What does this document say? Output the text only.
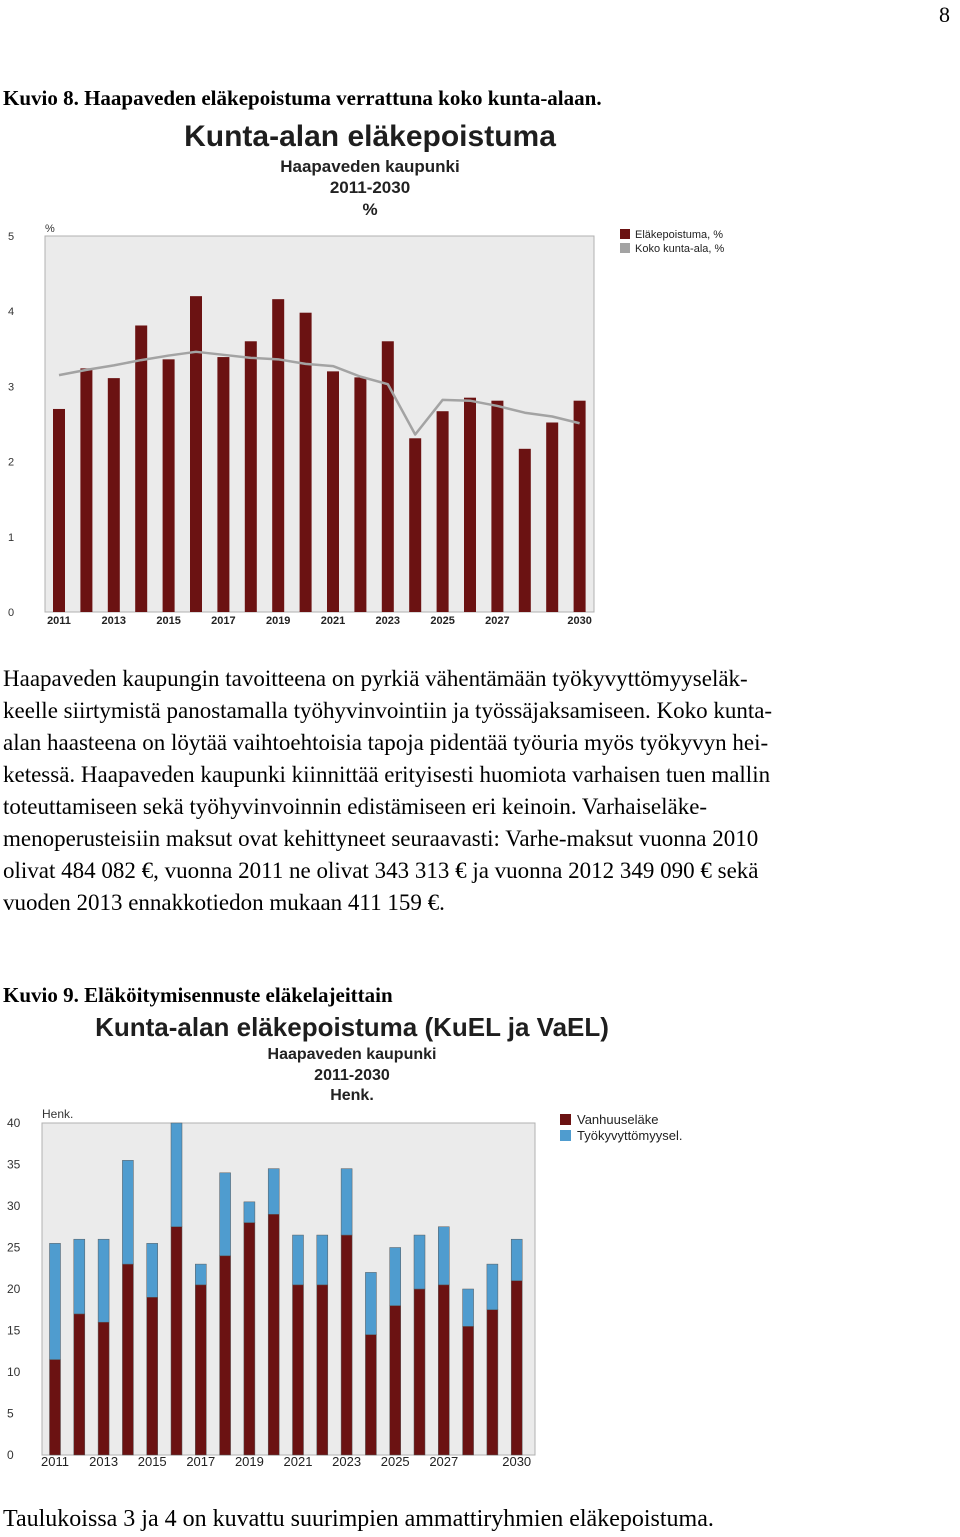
8
Kuvio 8. Haapaveden eläkepoistuma verrattuna koko kunta-alaan.
Kunta-alan eläkepoistuma
Haapaveden kaupunki
2011-2030
%
%
0
1
2
3
4
5
2011	2013	2015	2017	2019	2021	2023	2025	2027	2030
Eläkepoistuma, %
Koko kunta-ala, %
Haapaveden kaupungin tavoitteena on pyrkiä vähentämään työkyvyttömyyseläk-
keelle siirtymistä panostamalla työhyvinvointiin ja työssäjaksamiseen. Koko kunta-
alan haasteena on löytää vaihtoehtoisia tapoja pidentää työuria myös työkyvyn hei-
ketessä. Haapaveden kaupunki kiinnittää erityisesti huomiota varhaisen tuen mallin
toteuttamiseen sekä työhyvinvoinnin edistämiseen eri keinoin. Varhaiseläke-
menoperusteisiin maksut ovat kehittyneet seuraavasti: Varhe-maksut vuonna 2010
olivat 484 082 €, vuonna 2011 ne olivat 343 313 € ja vuonna 2012 349 090 € sekä
vuoden 2013 ennakkotiedon mukaan 411 159 €.
Kuvio 9. Eläköitymisennuste eläkelajeittain
Kunta-alan eläkepoistuma (KuEL ja VaEL)
Haapaveden kaupunki
2011-2030
Henk.
Henk.
0
5
10
15
20
25
30
35
40
2011 2013 2015 2017 2019 2021 2023 2025 2027	2030
Vanhuuseläke
Työkyvyttömyysel.
Taulukoissa 3 ja 4 on kuvattu suurimpien ammattiryhmien eläkepoistuma.
